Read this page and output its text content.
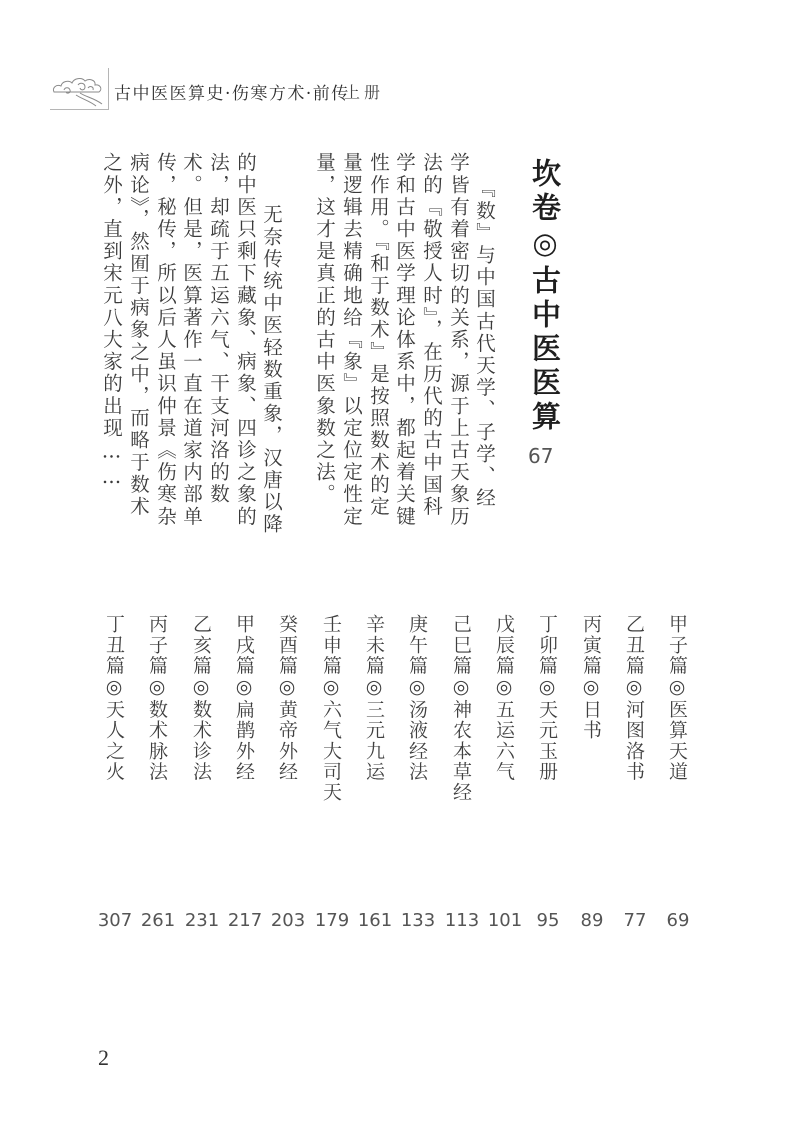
古中医医算史·伤寒方术·前传
上册
坎卷◎古中医医算
67
『数』与中国古代天学、子学、经
学皆有着密切的关系，源于上古天象历
法的『敬授人时』，在历代的古中国科
学和古中医学理论体系中，都起着关键
性作用。『和于数术』是按照数术的定
量逻辑去精确地给『象』以定位定性定
量，这才是真正的古中医象数之法。
无奈传统中医轻数重象，汉唐以降
的中医只剩下藏象、病象、四诊之象的
法，却疏于五运六气、干支河洛的数
术。但是，医算著作一直在道家内部单
传，秘传，所以后人虽识仲景《伤寒杂
病论》，然囿于病象之中，而略于数术
之外，直到宋元八大家的出现……
甲子篇◎医算天道
乙丑篇◎河图洛书
丙寅篇◎日书
丁卯篇◎天元玉册
戊辰篇◎五运六气
己巳篇◎神农本草经
庚午篇◎汤液经法
辛未篇◎三元九运
壬申篇◎六气大司天
癸酉篇◎黄帝外经
甲戌篇◎扁鹊外经
乙亥篇◎数术诊法
丙子篇◎数术脉法
丁丑篇◎天人之火
69
77
89
95
101
113
133
161
179
203
217
231
261
307
2
